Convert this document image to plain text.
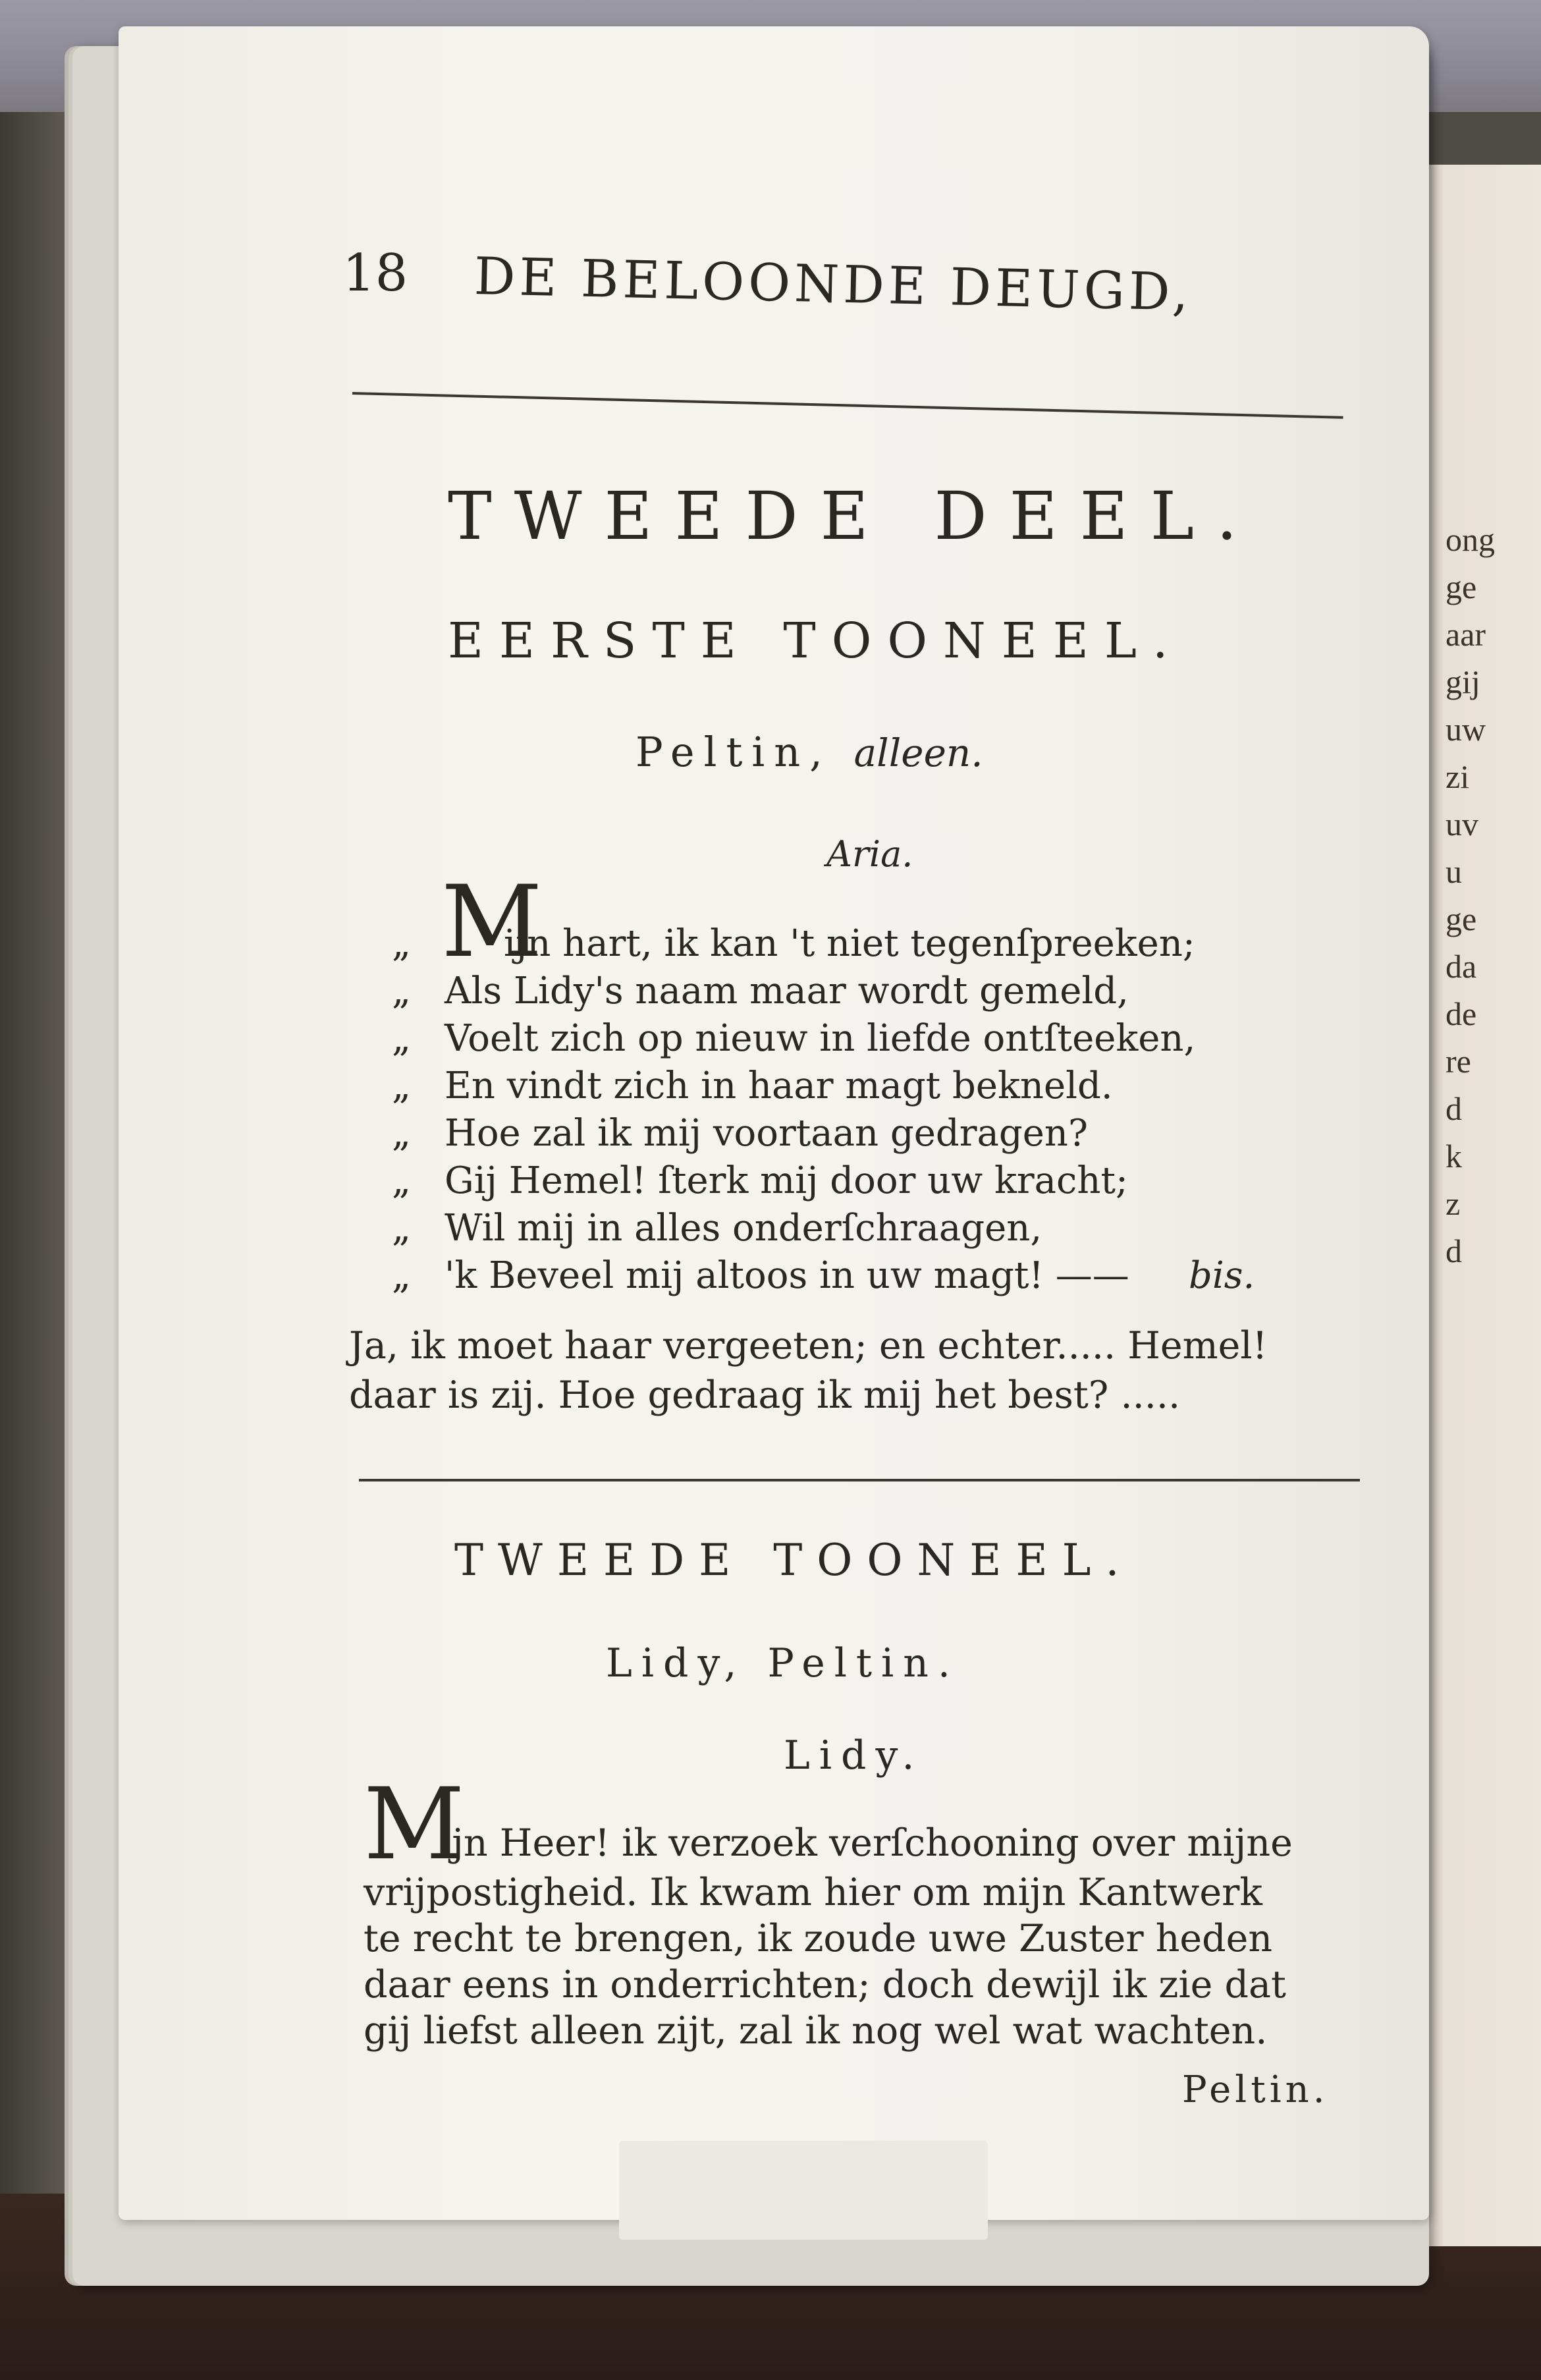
ong
ge
aar
gij
uw
zi
uv
u
ge
da
de
re
d
k
z
d
18 DE BELOONDE DEUGD,
TWEEDE DEEL.
EERSTE TOONEEL.
Peltin, alleen.
Aria.
M
„	ijn hart, ik kan 't niet tegenſpreeken;
„ Als Lidy's naam maar wordt gemeld,
„ Voelt zich op nieuw in liefde ontſteeken,
„ En vindt zich in haar magt bekneld.
„ Hoe zal ik mij voortaan gedragen?
„ Gij Hemel! ſterk mij door uw kracht;
„ Wil mij in alles onderſchraagen,
„ 'k Beveel mij altoos in uw magt! —— bis.
Ja, ik moet haar vergeeten; en echter..... Hemel!
daar is zij. Hoe gedraag ik mij het best? .....
TWEEDE TOONEEL.
Lidy, Peltin.
Lidy.
M
ijn Heer! ik verzoek verſchooning over mijne
vrijpostigheid. Ik kwam hier om mijn Kantwerk
te recht te brengen, ik zoude uwe Zuster heden
daar eens in onderrichten; doch dewijl ik zie dat
gij liefst alleen zijt, zal ik nog wel wat wachten.
Peltin.
